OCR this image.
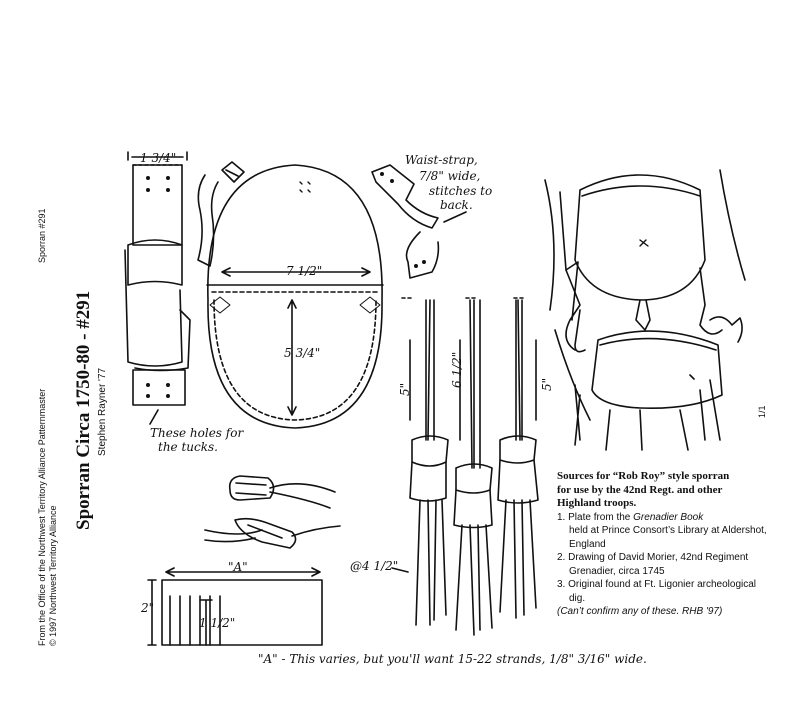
From the Office of the Northwest Territory Alliance Patternmaster © 1997 Northwest Territory Alliance
Sporran #291
Sporran Circa 1750-80 - #291 Stephen Rayner '77	1/1
1 3/4"
These holes for
the tucks.
7 1/2"
5 3/4"
Waist-strap,
7/8" wide,
stitches to
back.
"A"
2"
1 1/2"
5"
6 1/2"	5"
@4 1/2"
Sources for “Rob Roy” style sporran
for use by the 42nd Regt. and other
Highland troops.
1. Plate from the Grenadier Book
held at Prince Consort’s Library at Aldershot, England
2. Drawing of David Morier, 42nd Regiment Grenadier, circa 1745
3. Original found at Ft. Ligonier archeological dig.
(Can’t confirm any of these. RHB '97)
"A" - This varies, but you'll want 15-22 strands, 1/8" 3/16" wide.
